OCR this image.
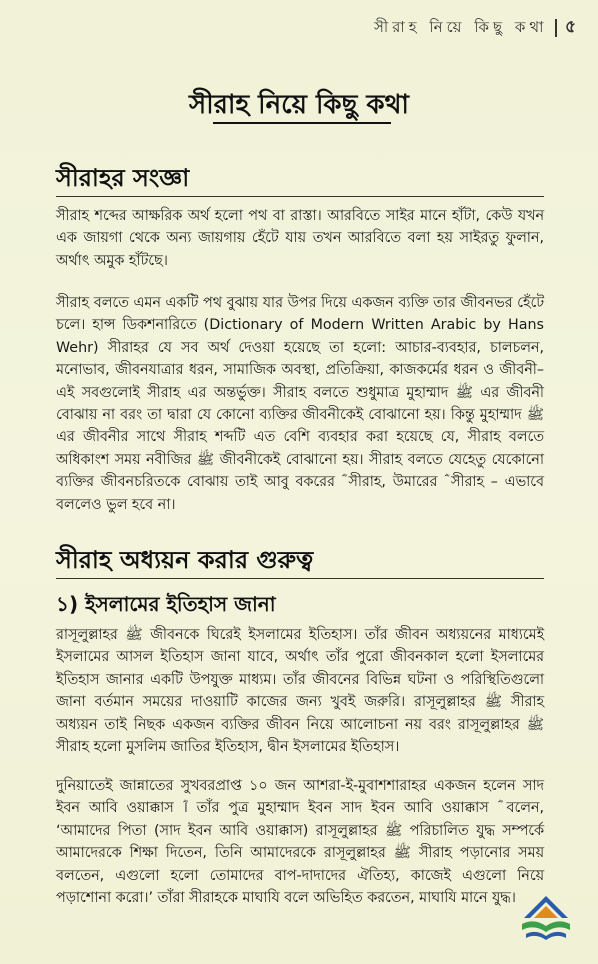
সীরাহ নিয়ে কিছু কথা ৫
সীরাহ নিয়ে কিছু কথা
সীরাহর সংজ্ঞা

সীরাহ শব্দের আক্ষরিক অর্থ হলো পথ বা রাস্তা। আরবিতে সাইর মানে হাঁটা, কেউ যখন এক জায়গা থেকে অন্য জায়গায় হেঁটে যায় তখন আরবিতে বলা হয় সাইরতু ফুলান, অর্থাৎ অমুক হাঁটছে।

সীরাহ বলতে এমন একটি পথ বুঝায় যার উপর দিয়ে একজন ব্যক্তি তার জীবনভর হেঁটে চলে। হান্স ডিকশনারিতে (Dictionary of Modern Written Arabic by Hans Wehr) সীরাহর যে সব অর্থ দেওয়া হয়েছে তা হলো: আচার-ব্যবহার, চালচলন, মনোভাব, জীবনযাত্রার ধরন, সামাজিক অবস্থা, প্রতিক্রিয়া, কাজকর্মের ধরন ও জীবনী–এই সবগুলোই সীরাহ এর অন্তর্ভুক্ত। সীরাহ বলতে শুধুমাত্র মুহাম্মাদ ﷺ এর জীবনী বোঝায় না বরং তা দ্বারা যে কোনো ব্যক্তির জীবনীকেই বোঝানো হয়। কিন্তু মুহাম্মাদ ﷺ এর জীবনীর সাথে সীরাহ শব্দটি এত বেশি ব্যবহার করা হয়েছে যে, সীরাহ বলতে অধিকাংশ সময় নবীজির ﷺ জীবনীকেই বোঝানো হয়। সীরাহ বলতে যেহেতু যেকোনো ব্যক্তির জীবনচরিতকে বোঝায় তাই আবু বকরের ؓ সীরাহ, উমারের ؓ সীরাহ – এভাবে বললেও ভুল হবে না।

সীরাহ অধ্যয়ন করার গুরুত্ব
১) ইসলামের ইতিহাস জানা

রাসূলুল্লাহর ﷺ জীবনকে ঘিরেই ইসলামের ইতিহাস। তাঁর জীবন অধ্যয়নের মাধ্যমেই ইসলামের আসল ইতিহাস জানা যাবে, অর্থাৎ তাঁর পুরো জীবনকাল হলো ইসলামের ইতিহাস জানার একটি উপযুক্ত মাধ্যম। তাঁর জীবনের বিভিন্ন ঘটনা ও পরিস্থিতিগুলো জানা বর্তমান সময়ের দাওয়াটি কাজের জন্য খুবই জরুরি। রাসূলুল্লাহর ﷺ সীরাহ অধ্যয়ন তাই নিছক একজন ব্যক্তির জীবন নিয়ে আলোচনা নয় বরং রাসূলুল্লাহর ﷺ সীরাহ হলো মুসলিম জাতির ইতিহাস, দ্বীন ইসলামের ইতিহাস।

দুনিয়াতেই জান্নাতের সুখবরপ্রাপ্ত ১০ জন আশরা-ই-মুবাশশারাহর একজন হলেন সাদ ইবন আবি ওয়াক্কাস ؓ। তাঁর পুত্র মুহাম্মাদ ইবন সাদ ইবন আবি ওয়াক্কাস ؓ বলেন, ‘আমাদের পিতা (সাদ ইবন আবি ওয়াক্কাস) রাসূলুল্লাহর ﷺ পরিচালিত যুদ্ধ সম্পর্কে আমাদেরকে শিক্ষা দিতেন, তিনি আমাদেরকে রাসূলুল্লাহর ﷺ সীরাহ পড়ানোর সময় বলতেন, এগুলো হলো তোমাদের বাপ-দাদাদের ঐতিহ্য, কাজেই এগুলো নিয়ে পড়াশোনা করো।’ তাঁরা সীরাহকে মাঘাযি বলে অভিহিত করতেন, মাঘাযি মানে যুদ্ধ।
